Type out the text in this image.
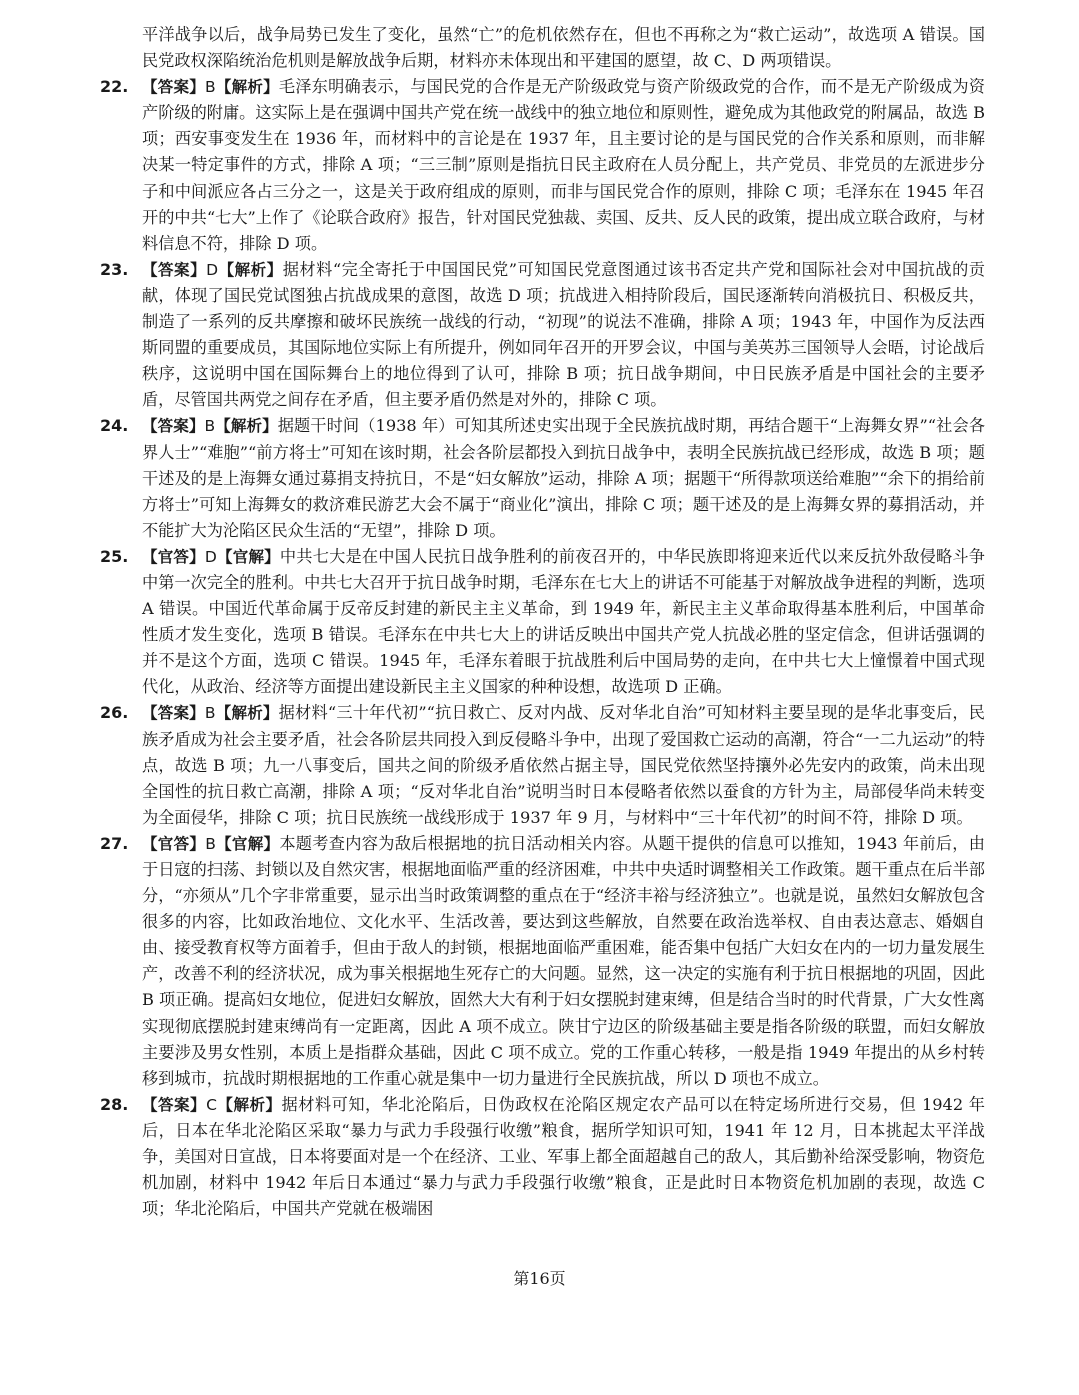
平洋战争以后，战争局势已发生了变化，虽然“亡”的危机依然存在，但也不再称之为“救亡运动”，故选项 A 错误。国民党政权深陷统治危机则是解放战争后期，材料亦未体现出和平建国的愿望，故 C、D 两项错误。

22. 【答案】B【解析】毛泽东明确表示，与国民党的合作是无产阶级政党与资产阶级政党的合作，而不是无产阶级成为资产阶级的附庸。这实际上是在强调中国共产党在统一战线中的独立地位和原则性，避免成为其他政党的附属品，故选 B 项；西安事变发生在 1936 年，而材料中的言论是在 1937 年，且主要讨论的是与国民党的合作关系和原则，而非解决某一特定事件的方式，排除 A 项；“三三制”原则是指抗日民主政府在人员分配上，共产党员、非党员的左派进步分子和中间派应各占三分之一，这是关于政府组成的原则，而非与国民党合作的原则，排除 C 项；毛泽东在 1945 年召开的中共“七大”上作了《论联合政府》报告，针对国民党独裁、卖国、反共、反人民的政策，提出成立联合政府，与材料信息不符，排除 D 项。

23. 【答案】D【解析】据材料“完全寄托于中国国民党”可知国民党意图通过该书否定共产党和国际社会对中国抗战的贡献，体现了国民党试图独占抗战成果的意图，故选 D 项；抗战进入相持阶段后，国民逐渐转向消极抗日、积极反共，制造了一系列的反共摩擦和破坏民族统一战线的行动，“初现”的说法不准确，排除 A 项；1943 年，中国作为反法西斯同盟的重要成员，其国际地位实际上有所提升，例如同年召开的开罗会议，中国与美英苏三国领导人会晤，讨论战后秩序，这说明中国在国际舞台上的地位得到了认可，排除 B 项；抗日战争期间，中日民族矛盾是中国社会的主要矛盾，尽管国共两党之间存在矛盾，但主要矛盾仍然是对外的，排除 C 项。

24. 【答案】B【解析】据题干时间（1938 年）可知其所述史实出现于全民族抗战时期，再结合题干“上海舞女界”“社会各界人士”“难胞”“前方将士”可知在该时期，社会各阶层都投入到抗日战争中，表明全民族抗战已经形成，故选 B 项；题干述及的是上海舞女通过募捐支持抗日，不是“妇女解放”运动，排除 A 项；据题干“所得款项送给难胞”“余下的捐给前方将士”可知上海舞女的救济难民游艺大会不属于“商业化”演出，排除 C 项；题干述及的是上海舞女界的募捐活动，并不能扩大为沦陷区民众生活的“无望”，排除 D 项。

25. 【官答】D【官解】中共七大是在中国人民抗日战争胜利的前夜召开的，中华民族即将迎来近代以来反抗外敌侵略斗争中第一次完全的胜利。中共七大召开于抗日战争时期，毛泽东在七大上的讲话不可能基于对解放战争进程的判断，选项 A 错误。中国近代革命属于反帝反封建的新民主主义革命，到 1949 年，新民主主义革命取得基本胜利后，中国革命性质才发生变化，选项 B 错误。毛泽东在中共七大上的讲话反映出中国共产党人抗战必胜的坚定信念，但讲话强调的并不是这个方面，选项 C 错误。1945 年，毛泽东着眼于抗战胜利后中国局势的走向，在中共七大上憧憬着中国式现代化，从政治、经济等方面提出建设新民主主义国家的种种设想，故选项 D 正确。

26. 【答案】B【解析】据材料“三十年代初”“抗日救亡、反对内战、反对华北自治”可知材料主要呈现的是华北事变后，民族矛盾成为社会主要矛盾，社会各阶层共同投入到反侵略斗争中，出现了爱国救亡运动的高潮，符合“一二九运动”的特点，故选 B 项；九一八事变后，国共之间的阶级矛盾依然占据主导，国民党依然坚持攘外必先安内的政策，尚未出现全国性的抗日救亡高潮，排除 A 项；“反对华北自治”说明当时日本侵略者依然以蚕食的方针为主，局部侵华尚未转变为全面侵华，排除 C 项；抗日民族统一战线形成于 1937 年 9 月，与材料中“三十年代初”的时间不符，排除 D 项。

27. 【官答】B【官解】本题考查内容为敌后根据地的抗日活动相关内容。从题干提供的信息可以推知，1943 年前后，由于日寇的扫荡、封锁以及自然灾害，根据地面临严重的经济困难，中共中央适时调整相关工作政策。题干重点在后半部分，“亦须从”几个字非常重要，显示出当时政策调整的重点在于“经济丰裕与经济独立”。也就是说，虽然妇女解放包含很多的内容，比如政治地位、文化水平、生活改善，要达到这些解放，自然要在政治选举权、自由表达意志、婚姻自由、接受教育权等方面着手，但由于敌人的封锁，根据地面临严重困难，能否集中包括广大妇女在内的一切力量发展生产，改善不利的经济状况，成为事关根据地生死存亡的大问题。显然，这一决定的实施有利于抗日根据地的巩固，因此 B 项正确。提高妇女地位，促进妇女解放，固然大大有利于妇女摆脱封建束缚，但是结合当时的时代背景，广大女性离实现彻底摆脱封建束缚尚有一定距离，因此 A 项不成立。陕甘宁边区的阶级基础主要是指各阶级的联盟，而妇女解放主要涉及男女性别，本质上是指群众基础，因此 C 项不成立。党的工作重心转移，一般是指 1949 年提出的从乡村转移到城市，抗战时期根据地的工作重心就是集中一切力量进行全民族抗战，所以 D 项也不成立。

28. 【答案】C【解析】据材料可知，华北沦陷后，日伪政权在沦陷区规定农产品可以在特定场所进行交易，但 1942 年后，日本在华北沦陷区采取“暴力与武力手段强行收缴”粮食，据所学知识可知，1941 年 12 月，日本挑起太平洋战争，美国对日宣战，日本将要面对是一个在经济、工业、军事上都全面超越自己的敌人，其后勤补给深受影响，物资危机加剧，材料中 1942 年后日本通过“暴力与武力手段强行收缴”粮食，正是此时日本物资危机加剧的表现，故选 C 项；华北沦陷后，中国共产党就在极端困

第16页
